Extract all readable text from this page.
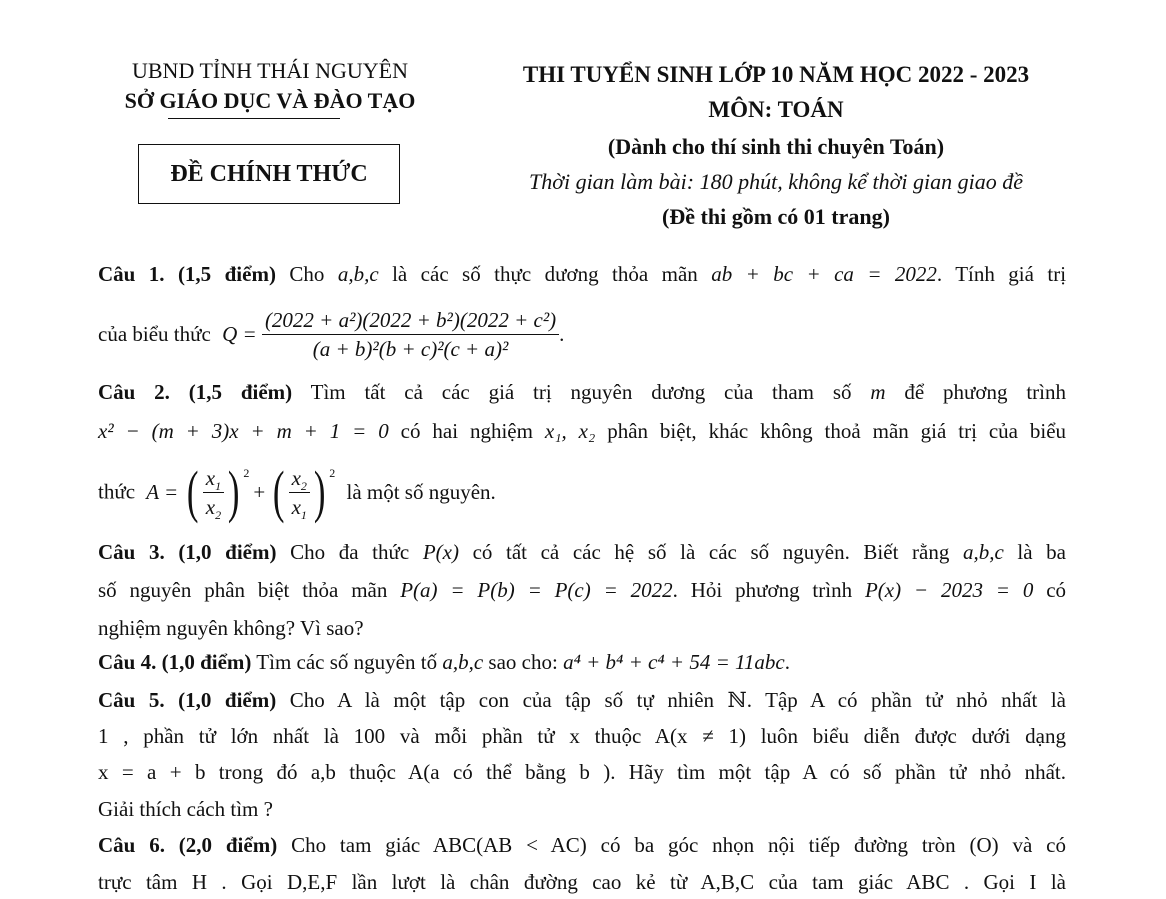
UBND TỈNH THÁI NGUYÊN
SỞ GIÁO DỤC VÀ ĐÀO TẠO
ĐỀ CHÍNH THỨC
THI TUYỂN SINH LỚP 10 NĂM HỌC 2022 - 2023
MÔN: TOÁN
(Dành cho thí sinh thi chuyên Toán)
Thời gian làm bài: 180 phút, không kể thời gian giao đề
(Đề thi gồm có 01 trang)
Câu 1. (1,5 điểm) Cho a,b,c là các số thực dương thỏa mãn ab + bc + ca = 2022. Tính giá trị
của biểu thức $Q = \frac{\text{(2022 + a²)(2022 + b²)(2022 + c²)}}{\text{(a + b)²(b + c)²(c + a)²}}$ .
Câu 2. (1,5 điểm) Tìm tất cả các giá trị nguyên dương của tham số m để phương trình
x² − (m + 3)x + m + 1 = 0 có hai nghiệm x₁, x₂ phân biệt, khác không thoả mãn giá trị của biểu
thức A = ( $\frac{x_1}{x_2}$ ) 2
+ ( $\frac{x_2}{x_1}$ ) 2
là một số nguyên.
Câu 3. (1,0 điểm) Cho đa thức P(x) có tất cả các hệ số là các số nguyên. Biết rằng a,b,c là ba
số nguyên phân biệt thỏa mãn P(a) = P(b) = P(c) = 2022. Hỏi phương trình P(x) − 2023 = 0 có
nghiệm nguyên không? Vì sao?
Câu 4. (1,0 điểm) Tìm các số nguyên tố a,b,c sao cho: a⁴ + b⁴ + c⁴ + 54 = 11abc.
Câu 5. (1,0 điểm) Cho A là một tập con của tập số tự nhiên ℕ. Tập A có phần tử nhỏ nhất là
1 , phần tử lớn nhất là 100 và mỗi phần tử x thuộc A(x ≠ 1) luôn biểu diễn được dưới dạng
x = a + b trong đó a,b thuộc A(a có thể bằng b ). Hãy tìm một tập A có số phần tử nhỏ nhất.
Giải thích cách tìm ?
Câu 6. (2,0 điểm) Cho tam giác ABC(AB < AC) có ba góc nhọn nội tiếp đường tròn (O) và có
trực tâm H . Gọi D,E,F lần lượt là chân đường cao kẻ từ A,B,C của tam giác ABC . Gọi I là
